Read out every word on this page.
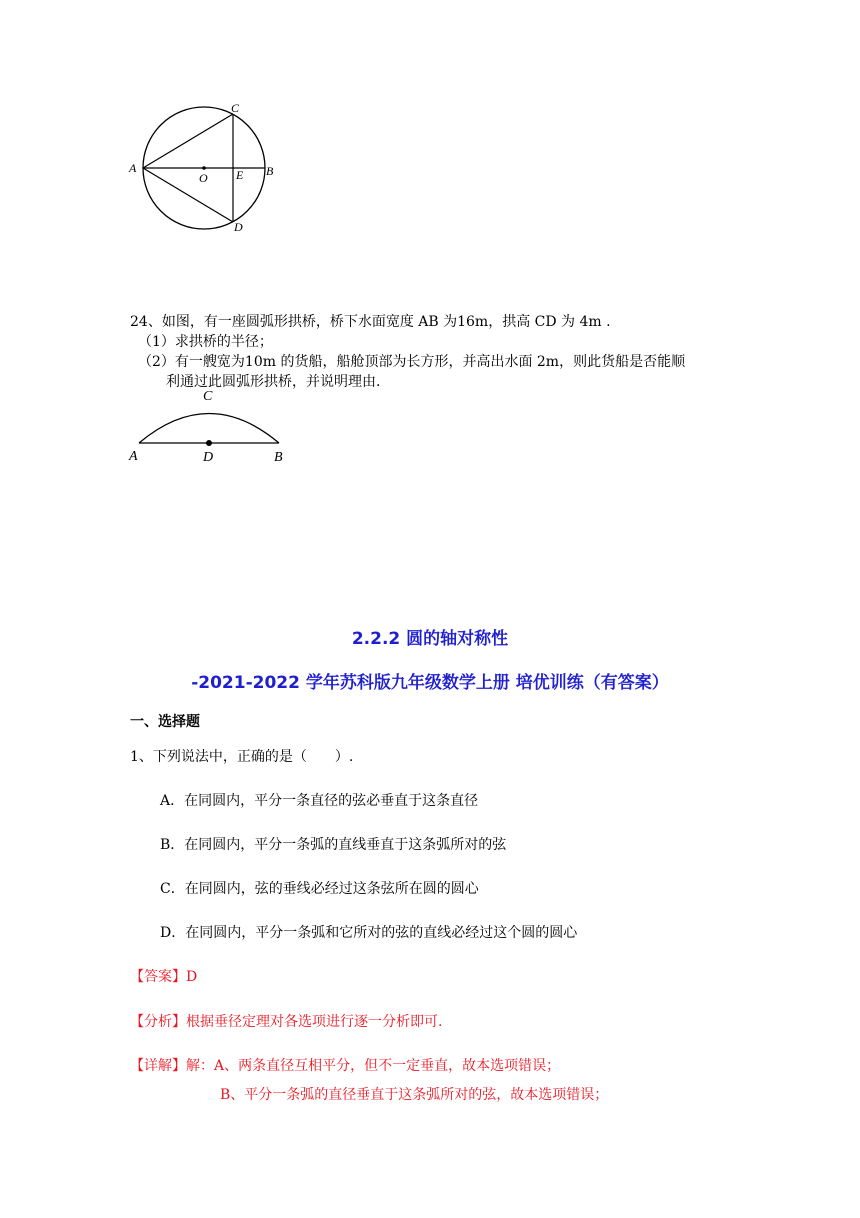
A	B
C
D
E
O
24、如图，有一座圆弧形拱桥，桥下水面宽度 AB 为16m，拱高 CD 为 4m .
（1）求拱桥的半径；
（2）有一艘宽为10m 的货船，船舱顶部为长方形，并高出水面 2m，则此货船是否能顺
利通过此圆弧形拱桥，并说明理由.
C
A	D	B
2.2.2 圆的轴对称性
-2021-2022 学年苏科版九年级数学上册 培优训练（有答案）
一、选择题
1、下列说法中，正确的是（　　）.
A．在同圆内，平分一条直径的弦必垂直于这条直径
B．在同圆内，平分一条弧的直线垂直于这条弧所对的弦
C．在同圆内，弦的垂线必经过这条弦所在圆的圆心
D．在同圆内，平分一条弧和它所对的弦的直线必经过这个圆的圆心
【答案】D
【分析】根据垂径定理对各选项进行逐一分析即可.
【详解】解：A、两条直径互相平分，但不一定垂直，故本选项错误；
B、平分一条弧的直径垂直于这条弧所对的弦，故本选项错误；
